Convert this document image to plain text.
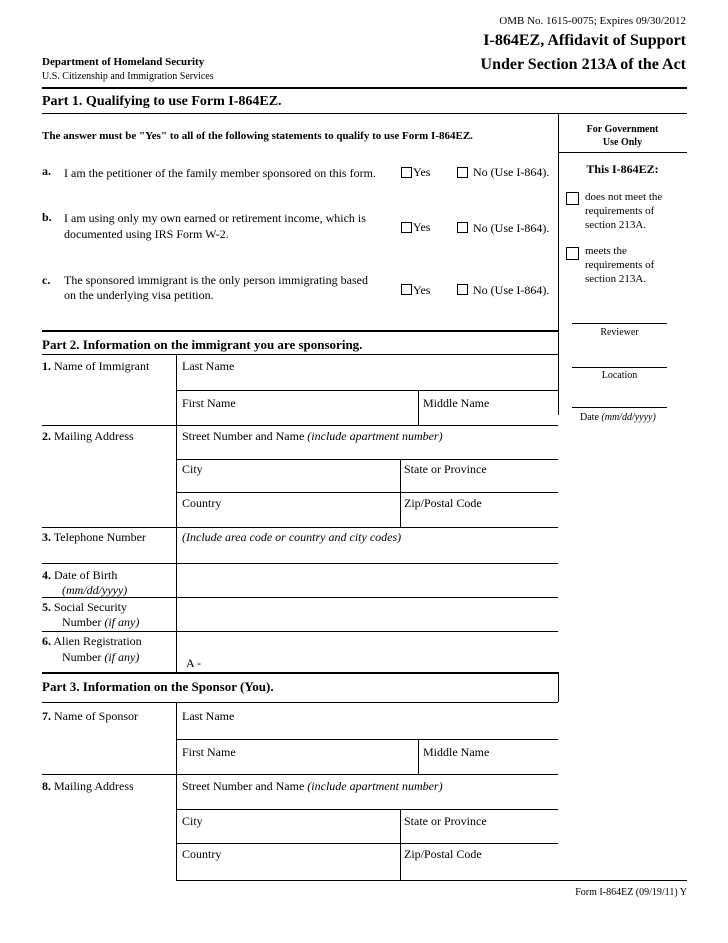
OMB No. 1615-0075; Expires 09/30/2012
I-864EZ, Affidavit of Support
Under Section 213A of the Act
Department of Homeland Security
U.S. Citizenship and Immigration Services
Part 1. Qualifying to use Form I-864EZ.
The answer must be "Yes" to all of the following statements to qualify to use Form I-864EZ.
a. I am the petitioner of the family member sponsored on this form.	Yes	No (Use I-864).
b. I am using only my own earned or retirement income, which is
documented using IRS Form W-2.	Yes	No (Use I-864).
c. The sponsored immigrant is the only person immigrating based
on the underlying visa petition.	Yes	No (Use I-864).
For Government
Use Only
This I-864EZ:
does not meet the
requirements of
section 213A.
meets the
requirements of
section 213A.
Reviewer
Location
Date (mm/dd/yyyy)
Part 2. Information on the immigrant you are sponsoring.
1. Name of Immigrant	Last Name
First Name	Middle Name
2. Mailing Address	Street Number and Name (include apartment number)
City	State or Province
Country	Zip/Postal Code
3. Telephone Number	(Include area code or country and city codes)
4. Date of Birth
(mm/dd/yyyy)
5. Social Security
Number (if any)
6. Alien Registration
Number (if any)	A -
Part 3. Information on the Sponsor (You).
7. Name of Sponsor	Last Name
First Name	Middle Name
8. Mailing Address	Street Number and Name (include apartment number)
City	State or Province
Country	Zip/Postal Code
Form I-864EZ (09/19/11) Y
